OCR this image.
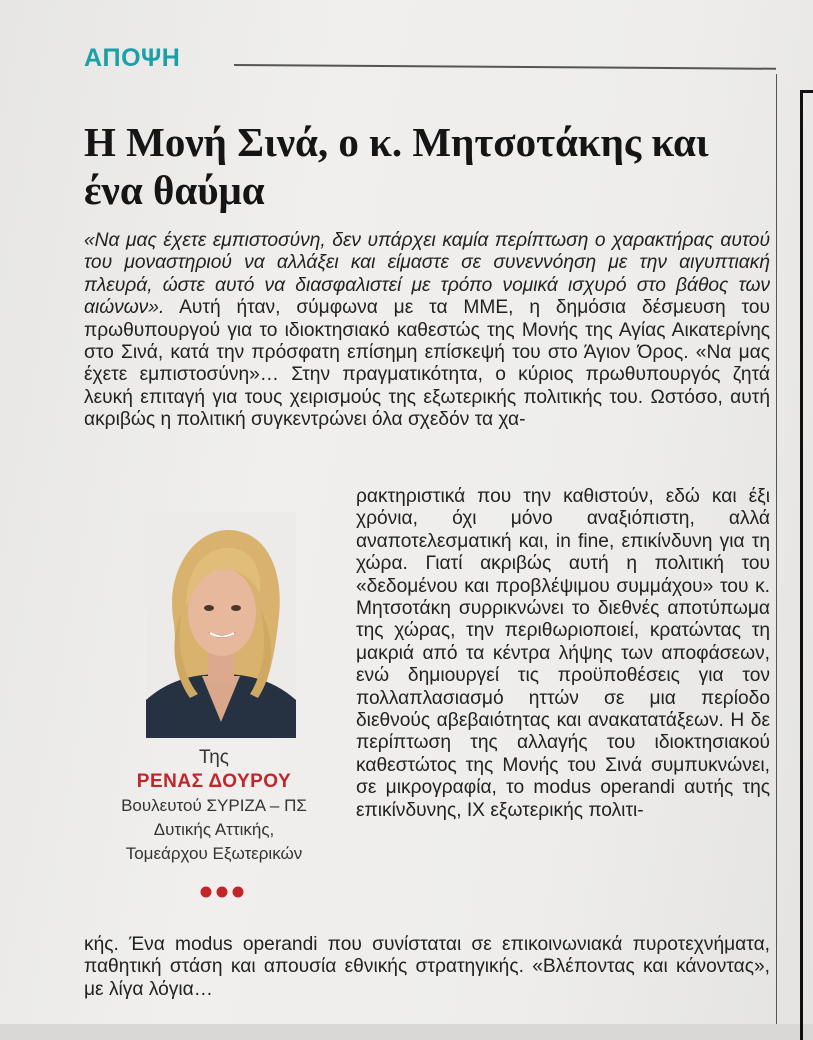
ΑΠΟΨΗ
Η Μονή Σινά, ο κ. Μητσοτάκης και ένα θαύμα
«Να μας έχετε εμπιστοσύνη, δεν υπάρχει καμία περίπτωση ο χαρακτήρας αυτού του μοναστηριού να αλλάξει και είμαστε σε συνεννόηση με την αιγυπτιακή πλευρά, ώστε αυτό να διασφαλιστεί με τρόπο νομικά ισχυρό στο βάθος των αιώνων». Αυτή ήταν, σύμφωνα με τα ΜΜΕ, η δημόσια δέσμευση του πρωθυπουργού για το ιδιοκτησιακό καθεστώς της Μονής της Αγίας Αικατερίνης στο Σινά, κατά την πρόσφατη επίσημη επίσκεψή του στο Άγιον Όρος. «Να μας έχετε εμπιστοσύνη»… Στην πραγματικότητα, ο κύριος πρωθυπουργός ζητά λευκή επιταγή για τους χειρισμούς της εξωτερικής πολιτικής του. Ωστόσο, αυτή ακριβώς η πολιτική συγκεντρώνει όλα σχεδόν τα χα-
ρακτηριστικά που την καθιστούν, εδώ και έξι χρόνια, όχι μόνο αναξιόπιστη, αλλά αναποτελεσματική και, in fine, επικίνδυνη για τη χώρα. Γιατί ακριβώς αυτή η πολιτική του «δεδομένου και προβλέψιμου συμμάχου» του κ. Μητσοτάκη συρρικνώνει το διεθνές αποτύπωμα της χώρας, την περιθωριοποιεί, κρατώντας τη μακριά από τα κέντρα λήψης των αποφάσεων, ενώ δημιουργεί τις προϋποθέσεις για τον πολλαπλασιασμό ηττών σε μια περίοδο διεθνούς αβεβαιότητας και ανακατατάξεων. Η δε περίπτωση της αλλαγής του ιδιοκτησιακού καθεστώτος της Μονής του Σινά συμπυκνώνει, σε μικρογραφία, το modus operandi αυτής της επικίνδυνης, ΙΧ εξωτερικής πολιτι-
Της
ΡΕΝΑΣ ΔΟΥΡΟΥ
Βουλευτού ΣΥΡΙΖΑ – ΠΣ
Δυτικής Αττικής,
Τομεάρχου Εξωτερικών
κής. Ένα modus operandi που συνίσταται σε επικοινωνιακά πυροτεχνήματα, παθητική στάση και απουσία εθνικής στρατηγικής. «Βλέποντας και κάνοντας», με λίγα λόγια…
